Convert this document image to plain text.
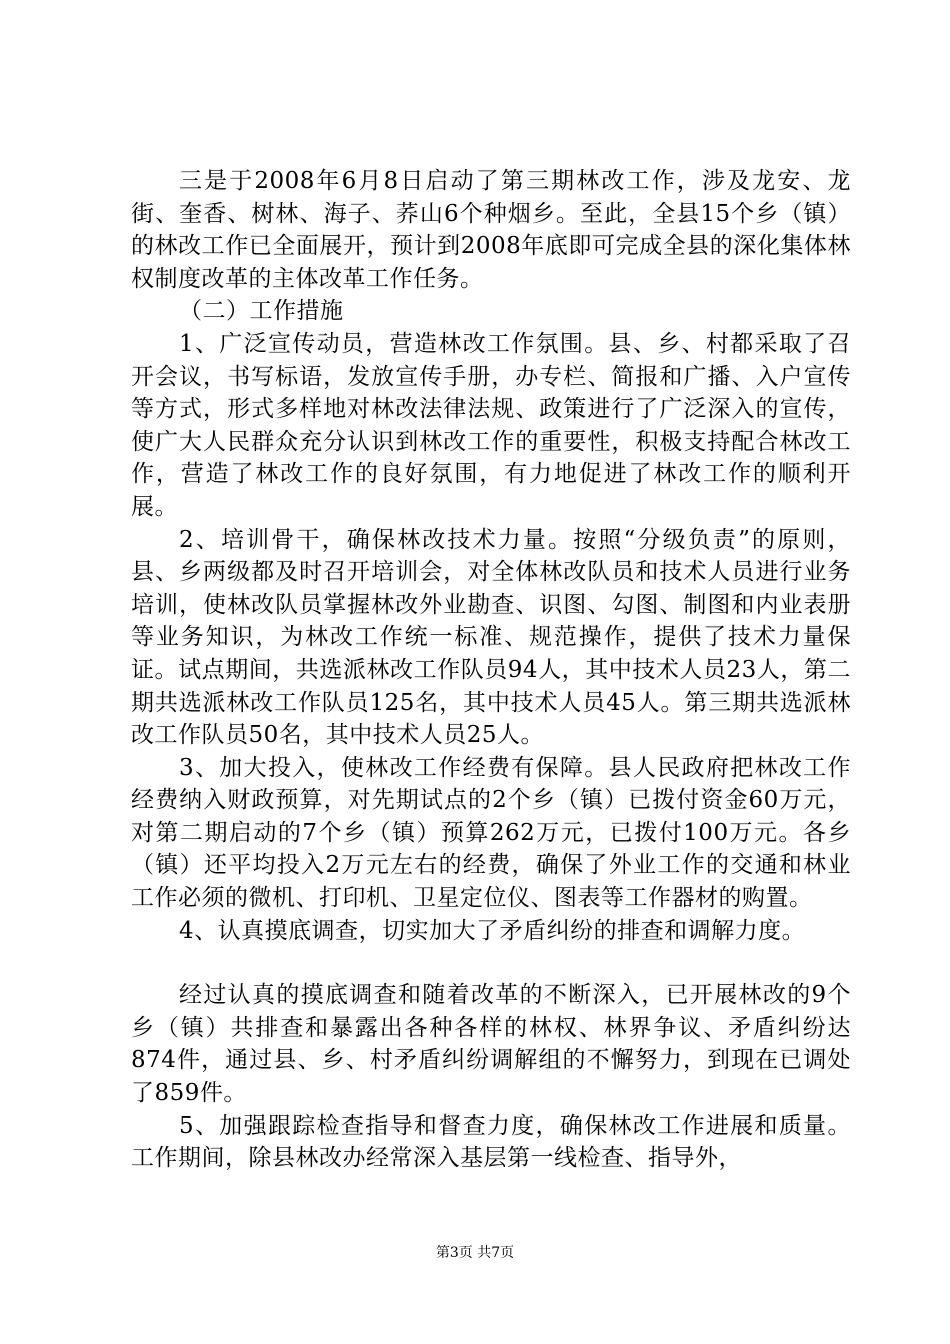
三是于2008年6月8日启动了第三期林改工作，涉及龙安、龙街、奎香、树林、海子、荞山6个种烟乡。至此，全县15个乡（镇）的林改工作已全面展开，预计到2008年底即可完成全县的深化集体林权制度改革的主体改革工作任务。

（二）工作措施

1、广泛宣传动员，营造林改工作氛围。县、乡、村都采取了召开会议，书写标语，发放宣传手册，办专栏、简报和广播、入户宣传等方式，形式多样地对林改法律法规、政策进行了广泛深入的宣传，使广大人民群众充分认识到林改工作的重要性，积极支持配合林改工作，营造了林改工作的良好氛围，有力地促进了林改工作的顺利开展。

2、培训骨干，确保林改技术力量。按照“分级负责”的原则，县、乡两级都及时召开培训会，对全体林改队员和技术人员进行业务培训，使林改队员掌握林改外业勘查、识图、勾图、制图和内业表册等业务知识，为林改工作统一标准、规范操作，提供了技术力量保证。试点期间，共选派林改工作队员94人，其中技术人员23人，第二期共选派林改工作队员125名，其中技术人员45人。第三期共选派林改工作队员50名，其中技术人员25人。

3、加大投入，使林改工作经费有保障。县人民政府把林改工作经费纳入财政预算，对先期试点的2个乡（镇）已拨付资金60万元，对第二期启动的7个乡（镇）预算262万元，已拨付100万元。各乡（镇）还平均投入2万元左右的经费，确保了外业工作的交通和林业工作必须的微机、打印机、卫星定位仪、图表等工作器材的购置。

4、认真摸底调查，切实加大了矛盾纠纷的排查和调解力度。

经过认真的摸底调查和随着改革的不断深入，已开展林改的9个乡（镇）共排查和暴露出各种各样的林权、林界争议、矛盾纠纷达874件，通过县、乡、村矛盾纠纷调解组的不懈努力，到现在已调处了859件。

5、加强跟踪检查指导和督查力度，确保林改工作进展和质量。工作期间，除县林改办经常深入基层第一线检查、指导外，

第3页 共7页
